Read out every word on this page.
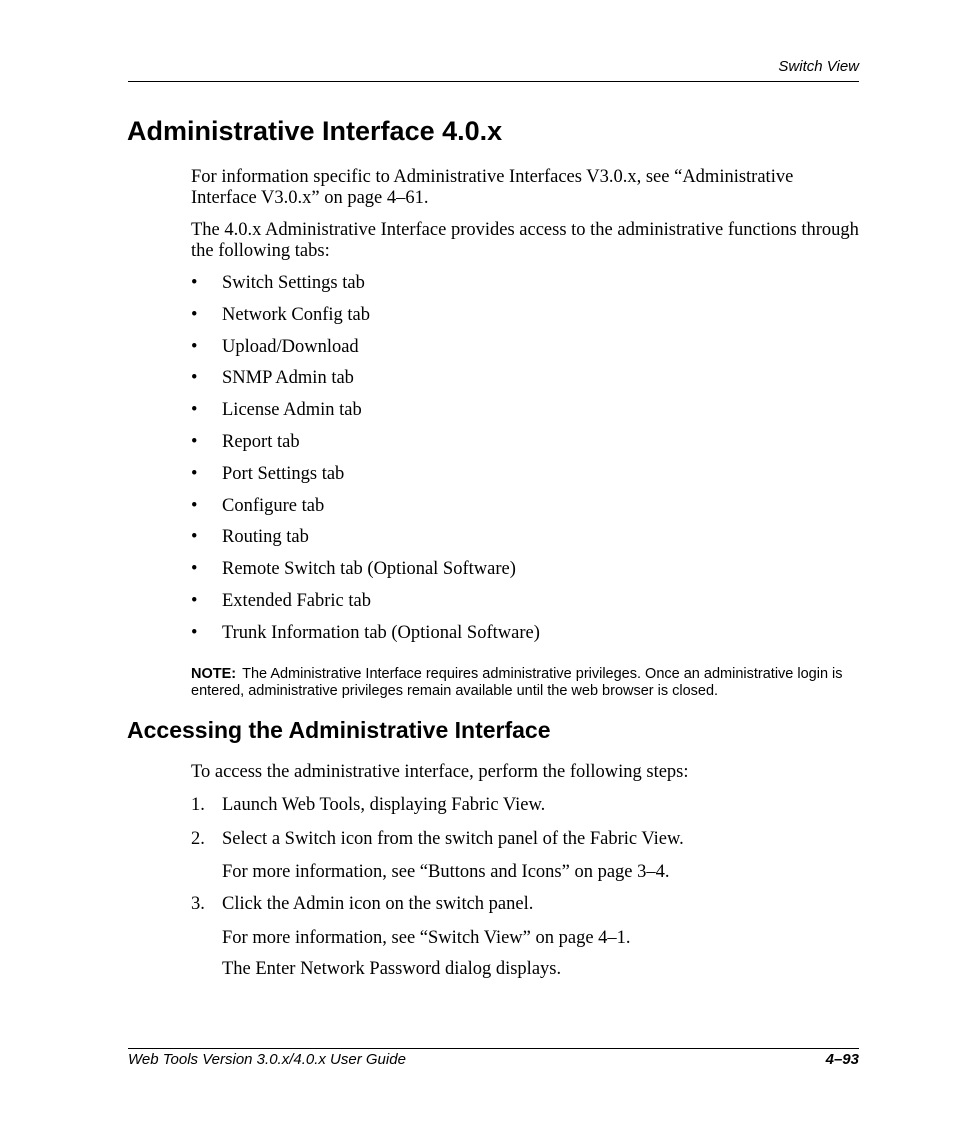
Switch View
Administrative Interface 4.0.x

For information specific to Administrative Interfaces V3.0.x, see “Administrative Interface V3.0.x” on page 4–61.

The 4.0.x Administrative Interface provides access to the administrative functions through the following tabs:

•	Switch Settings tab
•	Network Config tab
•	Upload/Download
•	SNMP Admin tab
•	License Admin tab
•	Report tab
•	Port Settings tab
•	Configure tab
•	Routing tab
•	Remote Switch tab (Optional Software)
•	Extended Fabric tab
•	Trunk Information tab (Optional Software)

NOTE: The Administrative Interface requires administrative privileges. Once an administrative login is entered, administrative privileges remain available until the web browser is closed.

Accessing the Administrative Interface

To access the administrative interface, perform the following steps:

1. Launch Web Tools, displaying Fabric View.
2. Select a Switch icon from the switch panel of the Fabric View.
For more information, see “Buttons and Icons” on page 3–4.
3. Click the Admin icon on the switch panel.
For more information, see “Switch View” on page 4–1.
The Enter Network Password dialog displays.
Web Tools Version 3.0.x/4.0.x User Guide	4–93
